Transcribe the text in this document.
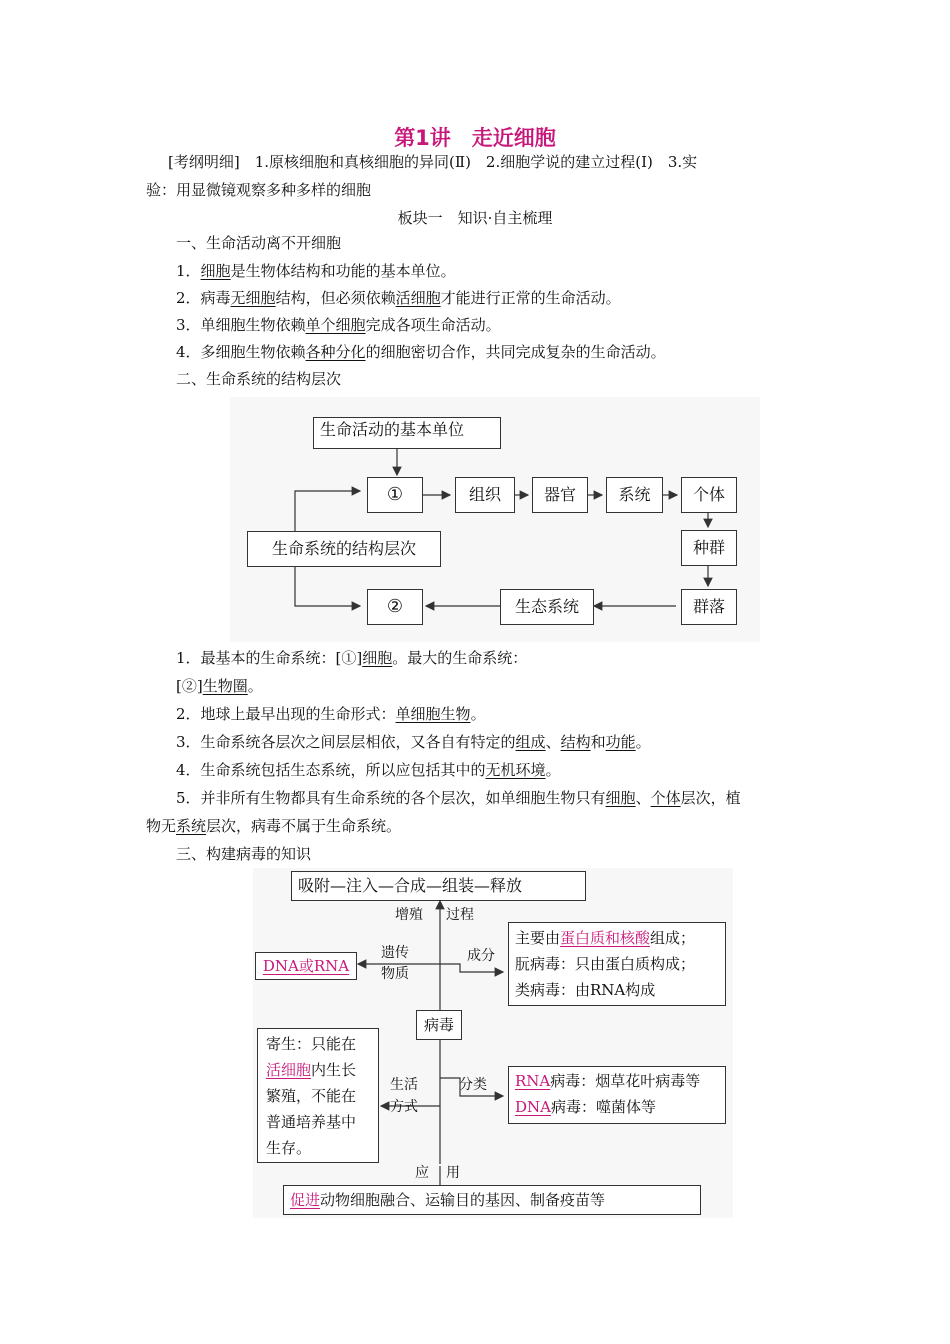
第1讲　走近细胞
[考纲明细]　1.原核细胞和真核细胞的异同(Ⅱ)　2.细胞学说的建立过程(Ⅰ)　3.实
验：用显微镜观察多种多样的细胞
板块一　知识·自主梳理
一、生命活动离不开细胞
1．细胞是生物体结构和功能的基本单位。
2．病毒无细胞结构，但必须依赖活细胞才能进行正常的生命活动。
3．单细胞生物依赖单个细胞完成各项生命活动。
4．多细胞生物依赖各种分化的细胞密切合作，共同完成复杂的生命活动。
二、生命系统的结构层次
生命活动的基本单位
①	组织	器官	系统	个体
种群
群落
生态系统
②
生命系统的结构层次
1．最基本的生命系统：[①]细胞。最大的生命系统：
[②]生物圈。
2．地球上最早出现的生命形式：单细胞生物。
3．生命系统各层次之间层层相依，又各自有特定的组成、结构和功能。
4．生命系统包括生态系统，所以应包括其中的无机环境。
5．并非所有生物都具有生命系统的各个层次，如单细胞生物只有细胞、个体层次，植
物无系统层次，病毒不属于生命系统。
三、构建病毒的知识
吸附—注入—合成—组装—释放
增殖 过程
DNA或RNA
遗传
物质
成分
主要由蛋白质和核酸组成；
朊病毒：只由蛋白质构成；
类病毒：由RNA构成
病毒
寄生：只能在
活细胞内生长
繁殖，不能在
普通培养基中
生存。
生活
方式
分类 RNA病毒：烟草花叶病毒等
DNA病毒：噬菌体等
应 用
促进动物细胞融合、运输目的基因、制备疫苗等
